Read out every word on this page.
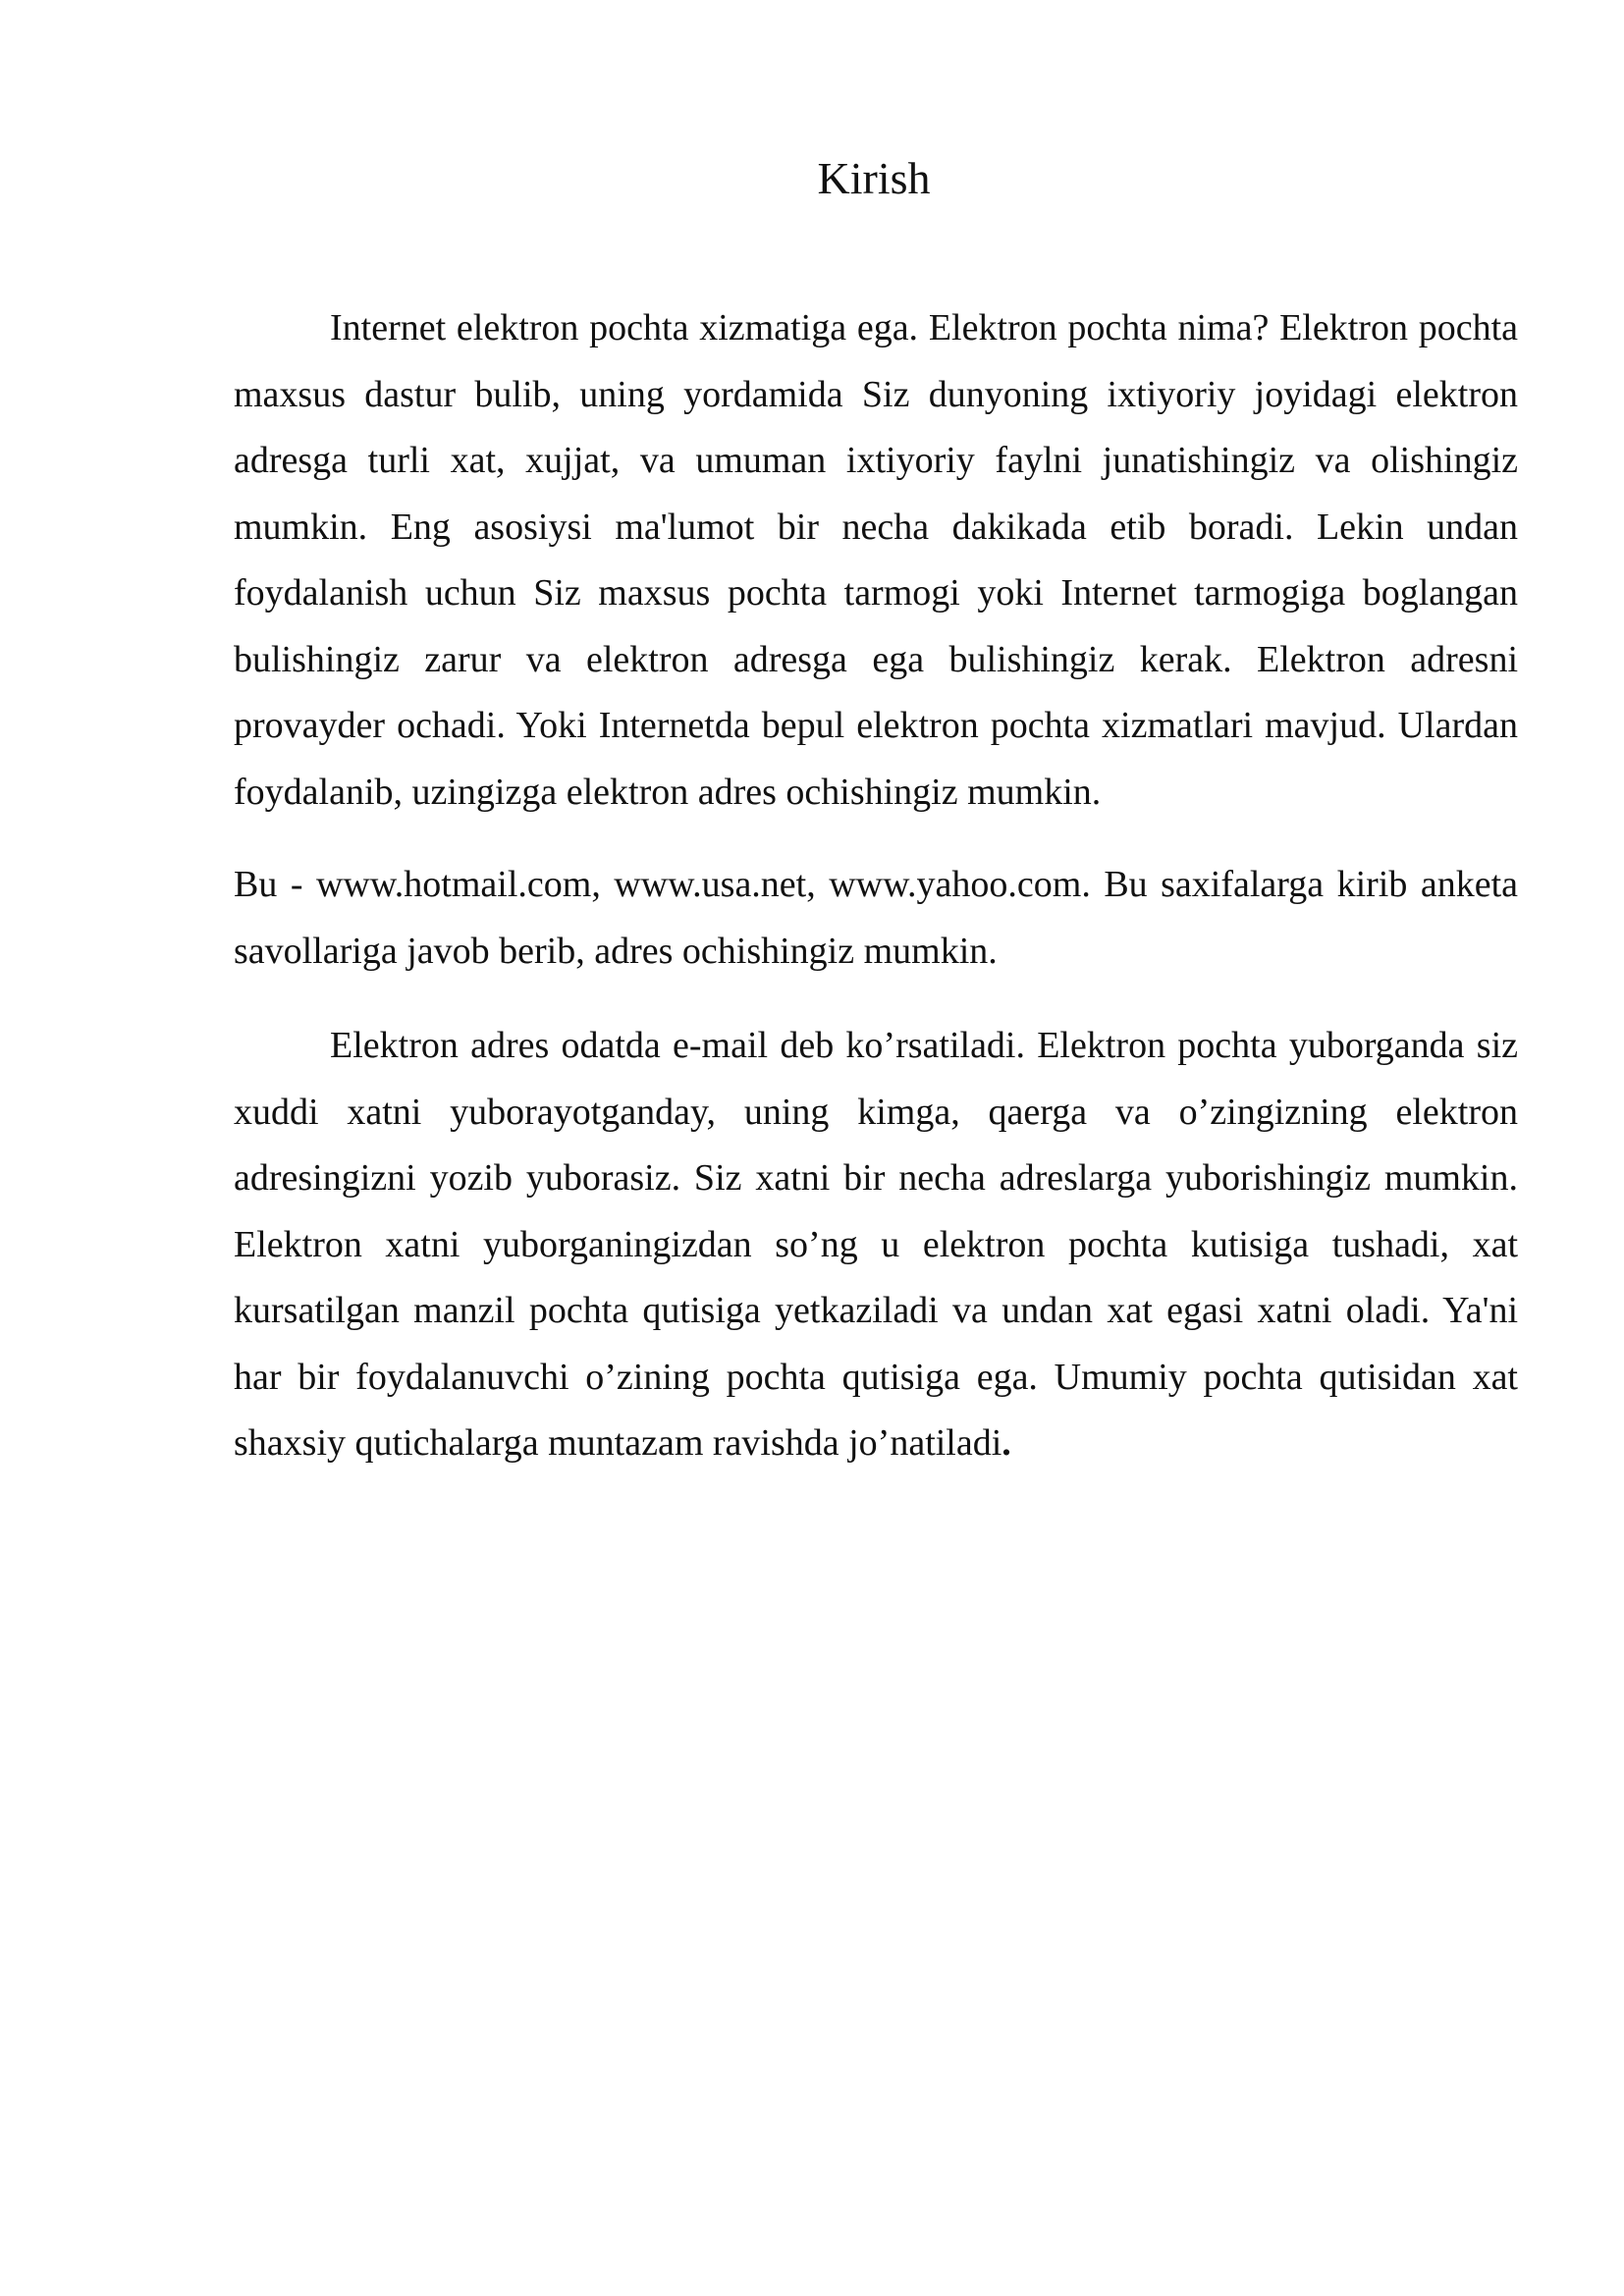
Kirish

Internet elektron pochta xizmatiga ega. Elektron pochta nima? Elektron pochta maxsus dastur bulib, uning yordamida Siz dunyoning ixtiyoriy joyidagi elektron adresga turli xat, xujjat, va umuman ixtiyoriy faylni junatishingiz va olishingiz mumkin. Eng asosiysi ma'lumot bir necha dakikada etib boradi. Lekin undan foydalanish uchun Siz maxsus pochta tarmogi yoki Internet tarmogiga boglangan bulishingiz zarur va elektron adresga ega bulishingiz kerak. Elektron adresni provayder ochadi. Yoki Internetda bepul elektron pochta xizmatlari mavjud. Ulardan foydalanib, uzingizga elektron adres ochishingiz mumkin.

Bu - www.hotmail.com, www.usa.net, www.yahoo.com. Bu saxifalarga kirib anketa savollariga javob berib, adres ochishingiz mumkin.

Elektron adres odatda e-mail deb ko’rsatiladi. Elektron pochta yuborganda siz xuddi xatni yuborayotganday, uning kimga, qaerga va o’zingizning elektron adresingizni yozib yuborasiz. Siz xatni bir necha adreslarga yuborishingiz mumkin. Elektron xatni yuborganingizdan so’ng u elektron pochta kutisiga tushadi, xat kursatilgan manzil pochta qutisiga yetkaziladi va undan xat egasi xatni oladi. Ya'ni har bir foydalanuvchi o’zining pochta qutisiga ega. Umumiy pochta qutisidan xat shaxsiy qutichalarga muntazam ravishda jo’natiladi.
